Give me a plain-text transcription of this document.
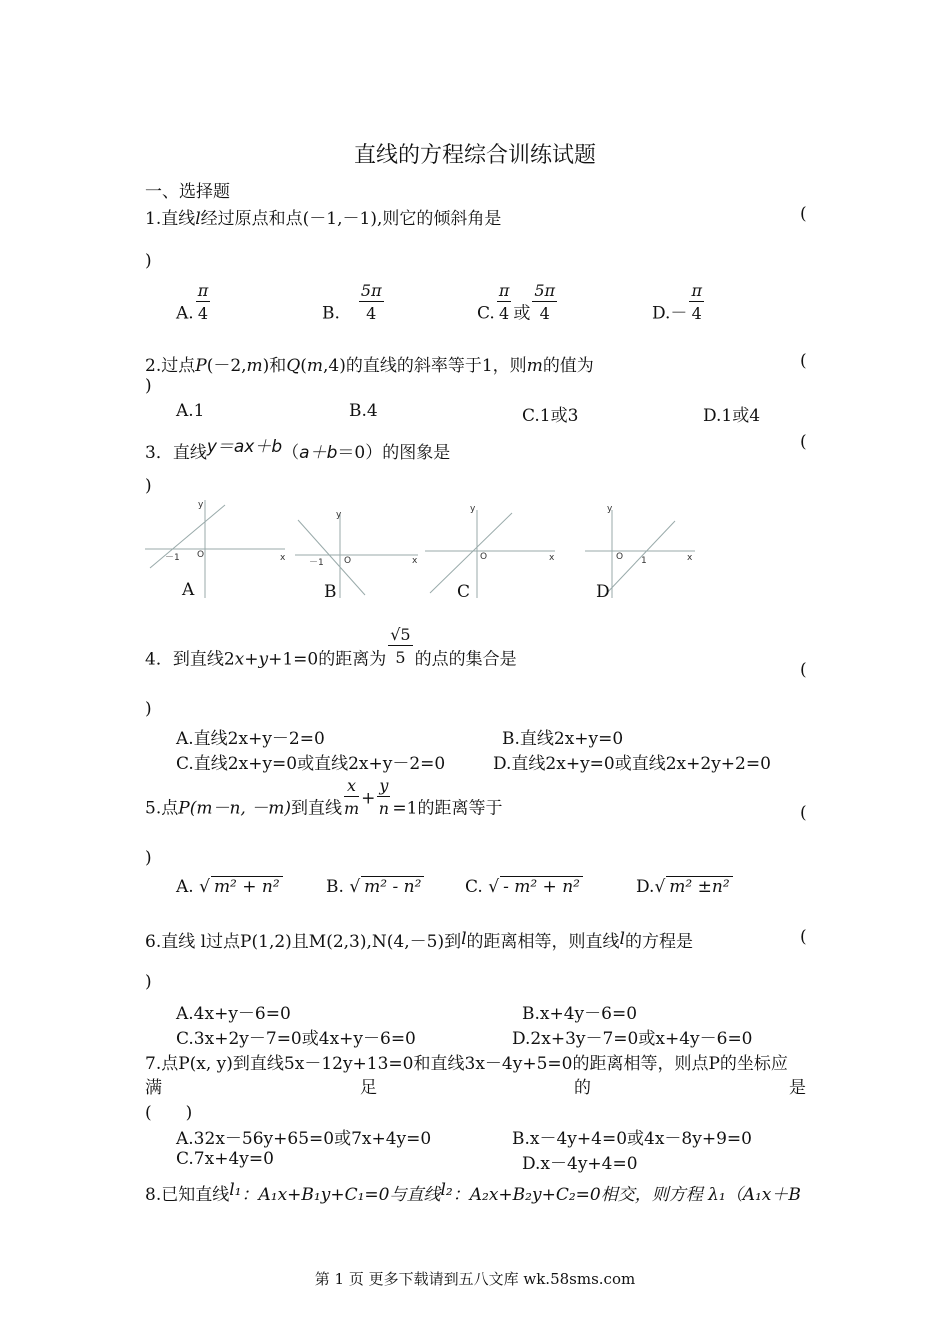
直线的方程综合训练试题
一、选择题
1.直线l经过原点和点(－1,－1),则它的倾斜角是	(
)
A. $\frac{\pi}{4}$	B.　 $\frac{5\pi}{4}$	C. $\frac{\pi}{4}$ 或 $\frac{5\pi}{4}$	$D.- \frac{\pi}{4}$
2.过点P(－2,m)和Q(m,4)的直线的斜率等于1，则m的值为	(
)
A.1	B.4	C.1或3	D.1或4
3．直线y＝ax＋b（a＋b＝0）的图象是
(
)
y
x
O
－1
y
x
O
－1
y
x
O
y
x
O 1
A	B	C	D
4．到直线2x+y+1=0的距离为 $\frac{√5}{5}$ 的点的集合是
(
)
A.直线2x+y－2=0	B.直线2x+y=0
C.直线2x+y=0或直线2x+y－2=0	D.直线2x+y=0或直线2x+2y+2=0
5.点P(m－n, －m)到直线 $\frac{x}{m} + \frac{y}{n} =1$的距离等于	(
)
A. √ m² + n²	B. √ m² - n²	C. √ - m² + n²	D.√ m² ±n²
6.直线 l过点P(1,2)且M(2,3),N(4,－5)到l的距离相等，则直线l的方程是	(
)
A.4x+y－6=0	B.x+4y－6=0
C.3x+2y－7=0或4x+y－6=0	D.2x+3y－7=0或x+4y－6=0
7.点P(x, y)到直线5x－12y+13=0和直线3x－4y+5=0的距离相等，则点P的坐标应
满	足	的	是
(　　)
A.32x－56y+65=0或7x+4y=0	B.x－4y+4=0或4x－8y+9=0
C.7x+4y=0	D.x－4y+4=0
8.已知直线l₁：A₁x+B₁y+C₁=0与直线l₂：A₂x+B₂y+C₂=0相交，则方程 λ₁（A₁x＋B
第 1 页 更多下载请到五八文库 wk.58sms.com
